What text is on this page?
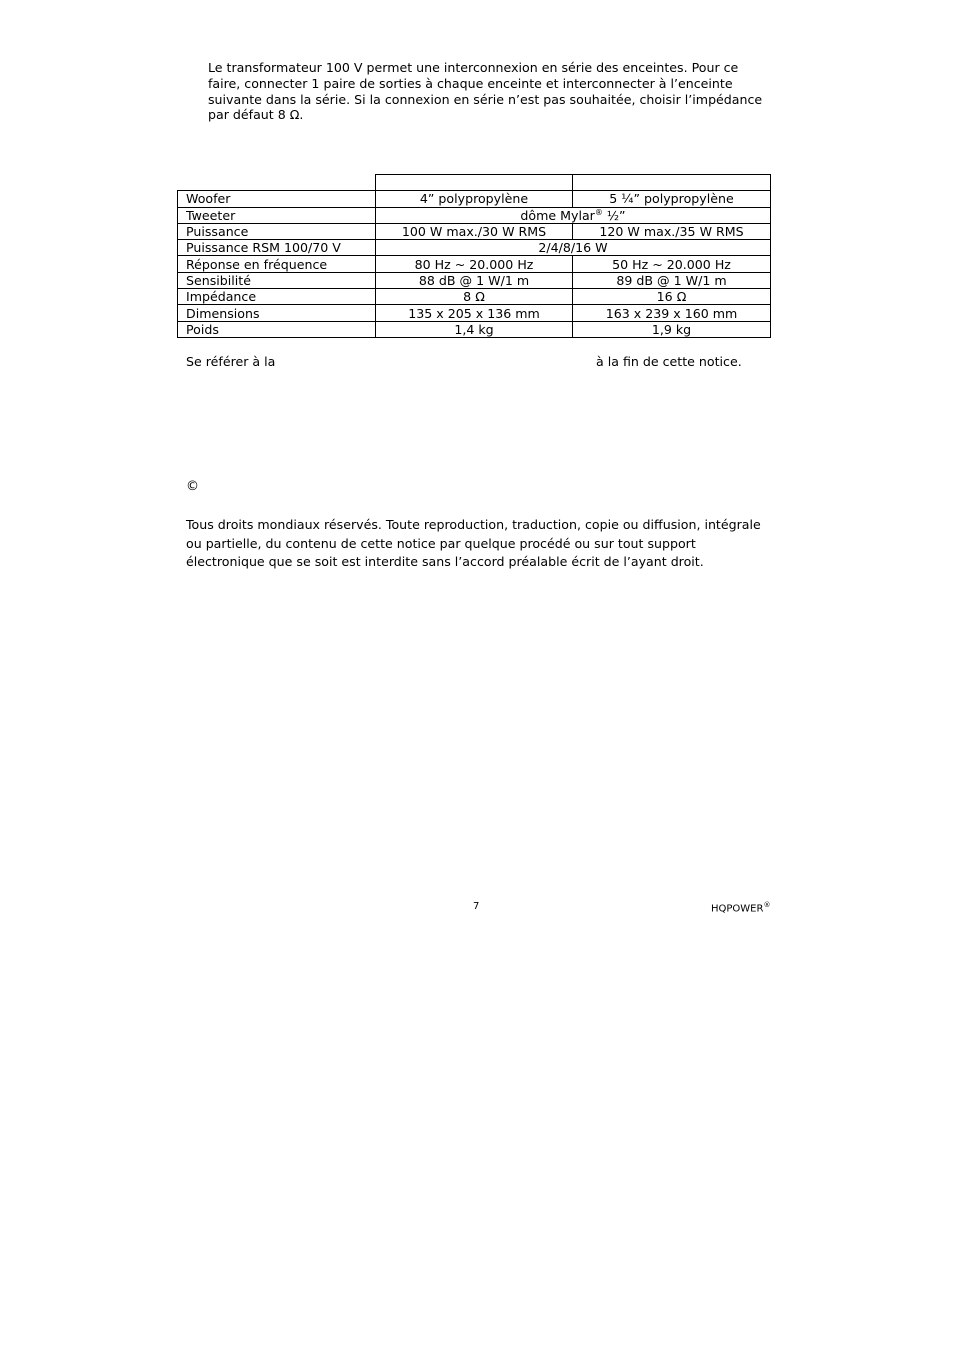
Le transformateur 100 V permet une interconnexion en série des enceintes. Pour ce faire, connecter 1 paire de sorties à chaque enceinte et interconnecter à l’enceinte suivante dans la série. Si la connexion en série n’est pas souhaitée, choisir l’impédance par défaut 8 Ω.

Woofer	4” polypropylène	5 ¼” polypropylène
Tweeter	dôme Mylar® ½”	
Puissance	100 W max./30 W RMS	120 W max./35 W RMS
Puissance RSM 100/70 V	2/4/8/16 W	
Réponse en fréquence	80 Hz ~ 20.000 Hz	50 Hz ~ 20.000 Hz
Sensibilité	88 dB @ 1 W/1 m	89 dB @ 1 W/1 m
Impédance	8 Ω	16 Ω
Dimensions	135 x 205 x 136 mm	163 x 239 x 160 mm
Poids	1,4 kg	1,9 kg
Se référer à la	à la fin de cette notice.
©

Tous droits mondiaux réservés. Toute reproduction, traduction, copie ou diffusion, intégrale ou partielle, du contenu de cette notice par quelque procédé ou sur tout support électronique que se soit est interdite sans l’accord préalable écrit de l’ayant droit.

7	HQPOWER®
